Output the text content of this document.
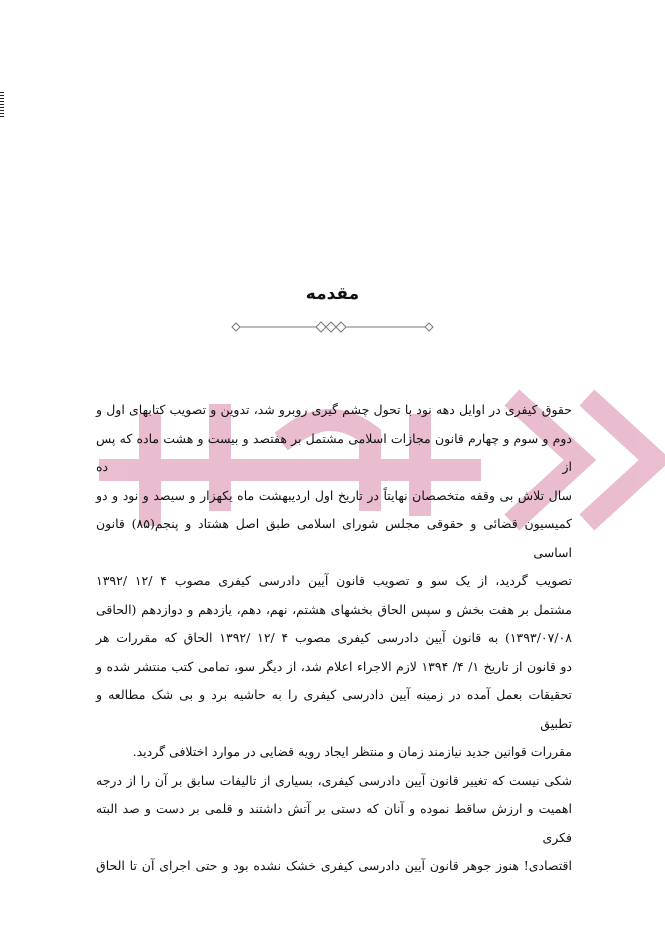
مقدمه

حقوق کیفری در اوایل دهه نود با تحول چشم گیری روبرو شد، تدوین و تصویب کتابهای اول و

دوم و سوم و چهارم قانون مجازات اسلامی مشتمل بر هفتصد و بیست و هشت ماده که پس از ده

سال تلاش بی وقفه متخصصان نهایتاً در تاریخ اول اردیبهشت ماه یکهزار و سیصد و نود و دو

کمیسیون قضائی و حقوقی مجلس شورای اسلامی طبق اصل هشتاد و پنجم(۸۵) قانون اساسی

تصویب گردید، از یک سو و تصویب قانون آیین دادرسی کیفری مصوب ۴ /۱۲ /۱۳۹۲

مشتمل بر هفت بخش و سپس الحاق بخشهای هشتم، نهم، دهم، یازدهم و دوازدهم (الحاقی

۱۳۹۳/۰۷/۰۸) به قانون آیین دادرسی کیفری مصوب ۴ /۱۲ /۱۳۹۲ الحاق که مقررات هر

دو قانون از تاریخ ۱/ ۴/ ۱۳۹۴ لازم الاجراء اعلام شد، از دیگر سو، تمامی کتب منتشر شده و

تحقیقات بعمل آمده در زمینه آیین دادرسی کیفری را به حاشیه برد و بی شک مطالعه و تطبیق

مقررات قوانین جدید نیازمند زمان و منتظر ایجاد رویه قضایی در موارد اختلافی گردید.

شکی نیست که تغییر قانون آیین دادرسی کیفری، بسیاری از تالیفات سابق بر آن را از درجه

اهمیت و ارزش ساقط نموده و آنان که دستی بر آتش داشتند و قلمی بر دست و صد البته فکری

اقتصادی! هنوز جوهر قانون آیین دادرسی کیفری خشک نشده بود و حتی اجرای آن تا الحاق
